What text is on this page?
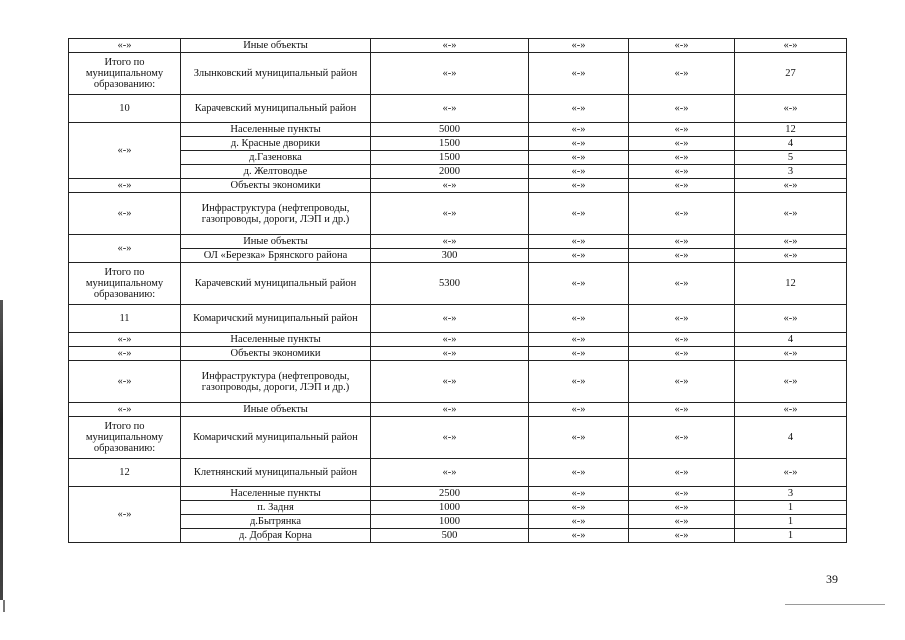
«-»	Иные объекты	«-»	«-»	«-»	«-»
Итого по муниципальному образованию:	Злынковский муниципальный район	«-»	«-»	«-»	27
10	Карачевский муниципальный район	«-»	«-»	«-»	«-»
«-»	Населенные пункты	5000	«-»	«-»	12
	д. Красные дворики	1500	«-»	«-»	4
	д.Газеновка	1500	«-»	«-»	5
	д. Желтоводье	2000	«-»	«-»	3
«-»	Объекты экономики	«-»	«-»	«-»	«-»
«-»	Инфраструктура (нефтепроводы, газопроводы, дороги, ЛЭП и др.)	«-»	«-»	«-»	«-»
«-»	Иные объекты	«-»	«-»	«-»	«-»
	ОЛ «Березка» Брянского района	300	«-»	«-»	«-»
Итого по муниципальному образованию:	Карачевский муниципальный район	5300	«-»	«-»	12
11	Комаричский муниципальный район	«-»	«-»	«-»	«-»
«-»	Населенные пункты	«-»	«-»	«-»	4
«-»	Объекты экономики	«-»	«-»	«-»	«-»
«-»	Инфраструктура (нефтепроводы, газопроводы, дороги, ЛЭП и др.)	«-»	«-»	«-»	«-»
«-»	Иные объекты	«-»	«-»	«-»	«-»
Итого по муниципальному образованию:	Комаричский муниципальный район	«-»	«-»	«-»	4
12	Клетнянский муниципальный район	«-»	«-»	«-»	«-»
«-»	Населенные пункты	2500	«-»	«-»	3
	п. Задня	1000	«-»	«-»	1
	д.Бытрянка	1000	«-»	«-»	1
	д. Добрая Корна	500	«-»	«-»	1
39
